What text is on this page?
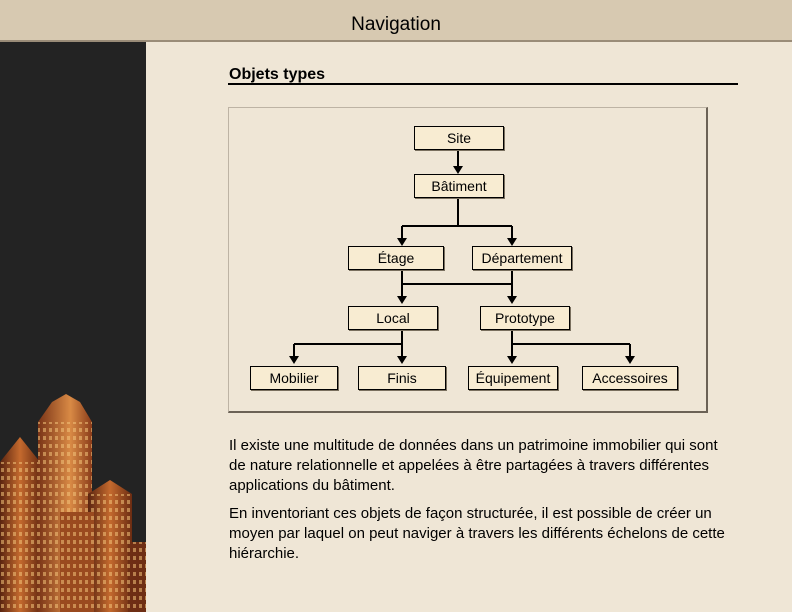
Navigation
Objets types
Site
Bâtiment
Étage	Département
Local	Prototype
Mobilier	Finis	Équipement	Accessoires
Il existe une multitude de données dans un patrimoine immobilier qui sont de nature relationnelle et appelées à être partagées à travers différentes applications du bâtiment.
En inventoriant ces objets de façon structurée, il est possible de créer un moyen par laquel on peut naviger à travers les différents échelons de cette hiérarchie.
